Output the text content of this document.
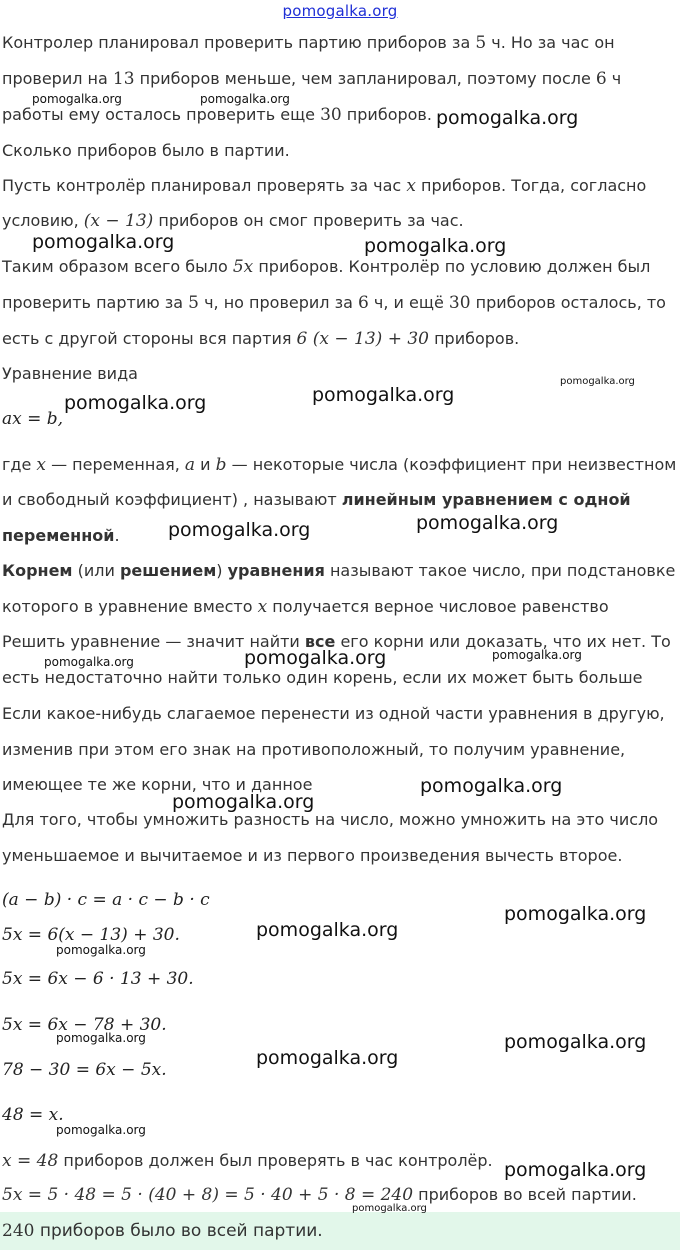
pomogalka.org
Контролер планировал проверить партию приборов за 5 ч. Но за час он
проверил на 13 приборов меньше, чем запланировал, поэтому после 6 ч
работы ему осталось проверить еще 30 приборов.
Сколько приборов было в партии.
Пусть контролёр планировал проверять за час x приборов. Тогда, согласно
условию, (x − 13) приборов он смог проверить за час.
Таким образом всего было 5x приборов. Контролёр по условию должен был
проверить партию за 5 ч, но проверил за 6 ч, и ещё 30 приборов осталось, то
есть с другой стороны вся партия 6 (x − 13) + 30 приборов.
Уравнение вида
ax = b,
где x — переменная, a и b — некоторые числа (коэффициент при неизвестном
и свободный коэффициент) , называют линейным уравнением с одной
переменной.
Корнем (или решением) уравнения называют такое число, при подстановке
которого в уравнение вместо x получается верное числовое равенство
Решить уравнение — значит найти все его корни или доказать, что их нет. То
есть недостаточно найти только один корень, если их может быть больше
Если какое-нибудь слагаемое перенести из одной части уравнения в другую,
изменив при этом его знак на противоположный, то получим уравнение,
имеющее те же корни, что и данное
Для того, чтобы умножить разность на число, можно умножить на это число
уменьшаемое и вычитаемое и из первого произведения вычесть второе.
(a − b) · c = a · c − b · c
5x = 6(x − 13) + 30.
5x = 6x − 6 · 13 + 30.
5x = 6x − 78 + 30.
78 − 30 = 6x − 5x.
48 = x.
x = 48 приборов должен был проверять в час контролёр.
5x = 5 · 48 = 5 · (40 + 8) = 5 · 40 + 5 · 8 = 240 приборов во всей партии.
240 приборов было во всей партии.
pomogalka.org	pomogalka.org
pomogalka.org
pomogalka.org	pomogalka.org
pomogalka.org
pomogalka.org	pomogalka.org
pomogalka.org	pomogalka.org
pomogalka.org	pomogalka.org	pomogalka.org
pomogalka.org
pomogalka.org
pomogalka.org
pomogalka.org
pomogalka.org
pomogalka.org	pomogalka.org
pomogalka.org
pomogalka.org
pomogalka.org
pomogalka.org
